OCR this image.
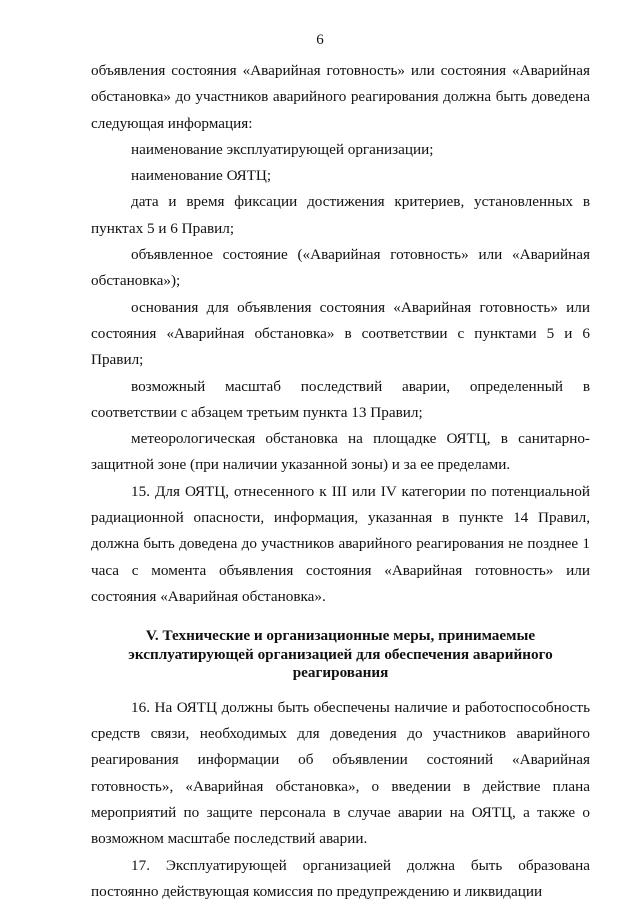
6

объявления состояния «Аварийная готовность» или состояния «Аварийная обстановка» до участников аварийного реагирования должна быть доведена следующая информация:

наименование эксплуатирующей организации;

наименование ОЯТЦ;

дата и время фиксации достижения критериев, установленных в пунктах 5 и 6 Правил;

объявленное состояние («Аварийная готовность» или «Аварийная обстановка»);

основания для объявления состояния «Аварийная готовность» или состояния «Аварийная обстановка» в соответствии с пунктами 5 и 6 Правил;

возможный масштаб последствий аварии, определенный в соответствии с абзацем третьим пункта 13 Правил;

метеорологическая обстановка на площадке ОЯТЦ, в санитарно-защитной зоне (при наличии указанной зоны) и за ее пределами.

15. Для ОЯТЦ, отнесенного к III или IV категории по потенциальной радиационной опасности, информация, указанная в пункте 14 Правил, должна быть доведена до участников аварийного реагирования не позднее 1 часа с момента объявления состояния «Аварийная готовность» или состояния «Аварийная обстановка».

V. Технические и организационные меры, принимаемые
эксплуатирующей организацией для обеспечения аварийного
реагирования

16. На ОЯТЦ должны быть обеспечены наличие и работоспособность средств связи, необходимых для доведения до участников аварийного реагирования информации об объявлении состояний «Аварийная готовность», «Аварийная обстановка», о введении в действие плана мероприятий по защите персонала в случае аварии на ОЯТЦ, а также о возможном масштабе последствий аварии.

17. Эксплуатирующей организацией должна быть образована постоянно действующая комиссия по предупреждению и ликвидации
